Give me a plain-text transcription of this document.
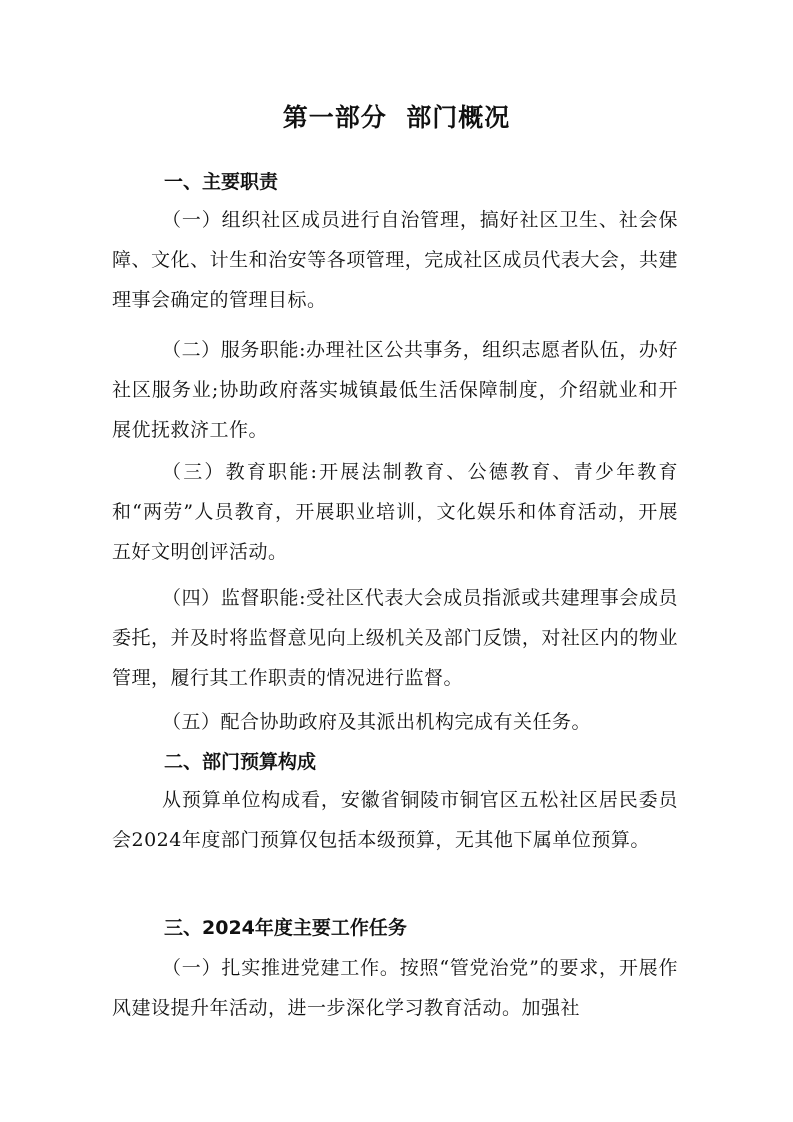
第一部分  部门概况
一、主要职责
（一）组织社区成员进行自治管理，搞好社区卫生、社会保障、文化、计生和治安等各项管理，完成社区成员代表大会，共建理事会确定的管理目标。
（二）服务职能:办理社区公共事务，组织志愿者队伍，办好社区服务业;协助政府落实城镇最低生活保障制度，介绍就业和开展优抚救济工作。
（三）教育职能:开展法制教育、公德教育、青少年教育和“两劳”人员教育，开展职业培训，文化娱乐和体育活动，开展五好文明创评活动。
（四）监督职能:受社区代表大会成员指派或共建理事会成员委托，并及时将监督意见向上级机关及部门反馈，对社区内的物业管理，履行其工作职责的情况进行监督。
（五）配合协助政府及其派出机构完成有关任务。
二、部门预算构成
从预算单位构成看，安徽省铜陵市铜官区五松社区居民委员会2024年度部门预算仅包括本级预算，无其他下属单位预算。
三、2024年度主要工作任务
（一）扎实推进党建工作。按照“管党治党”的要求，开展作风建设提升年活动，进一步深化学习教育活动。加强社
